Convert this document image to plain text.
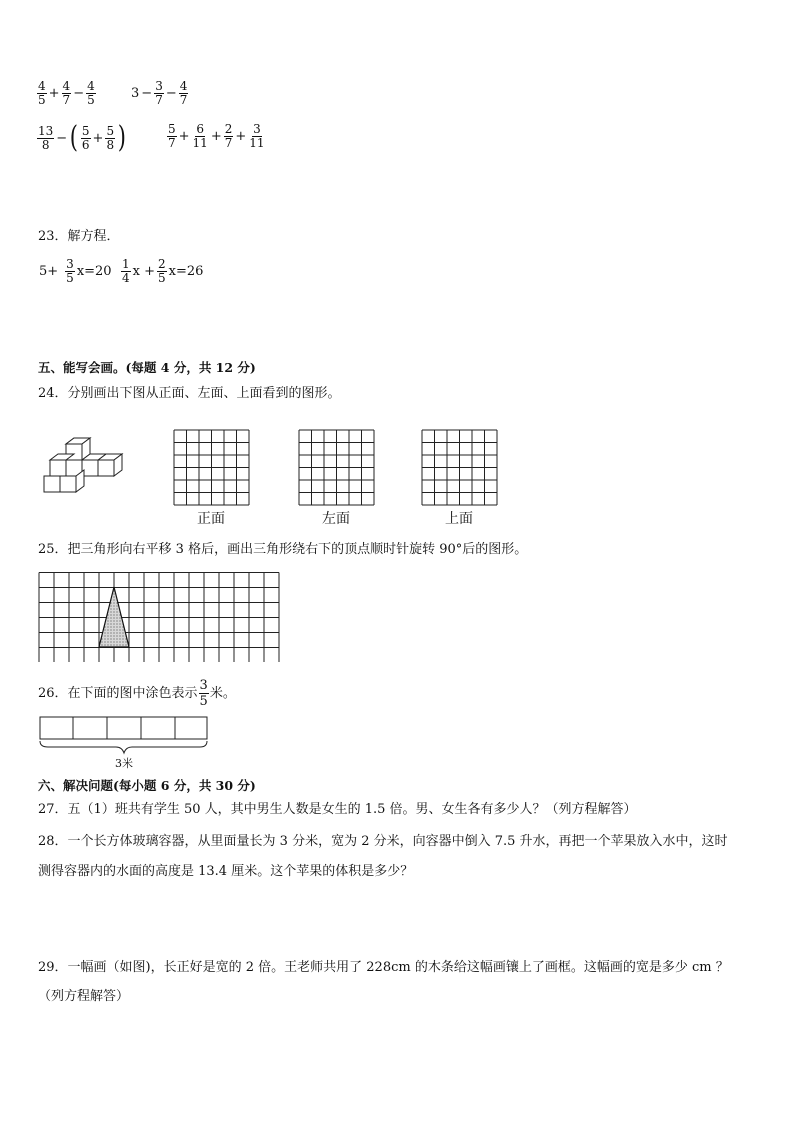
$\frac{4}{5} + \frac{4}{7} - \frac{4}{5}$	$3 - \frac{3}{7} - \frac{4}{7}$
$\frac{13}{8}$ − ( $\frac{5}{6} + \frac{5}{8}$ )	$\frac{5}{7} + \frac{6}{11} + \frac{2}{7} + \frac{3}{11}$
23．解方程．
$5+ \frac{3}{5} x=20 \frac{1}{4}$ $x + \frac{2}{5} x=26$
五、能写会画。(每题 4 分，共 12 分)
24．分别画出下图从正面、左面、上面看到的图形。
正面	左面	上面
25．把三角形向右平移 3 格后，画出三角形绕右下的顶点顺时针旋转 90°后的图形。
26．在下面的图中涂色表示 $\frac{3}{5}$ 米。
3米
六、解决问题(每小题 6 分，共 30 分)
27．五（1）班共有学生 50 人，其中男生人数是女生的 1.5 倍。男、女生各有多少人？（列方程解答）
28．一个长方体玻璃容器，从里面量长为 3 分米，宽为 2 分米，向容器中倒入 7.5 升水，再把一个苹果放入水中，这时
测得容器内的水面的高度是 13.4 厘米。这个苹果的体积是多少？
29．一幅画（如图)，长正好是宽的 2 倍。王老师共用了 228cm 的木条给这幅画镶上了画框。这幅画的宽是多少 cm ？
（列方程解答）
